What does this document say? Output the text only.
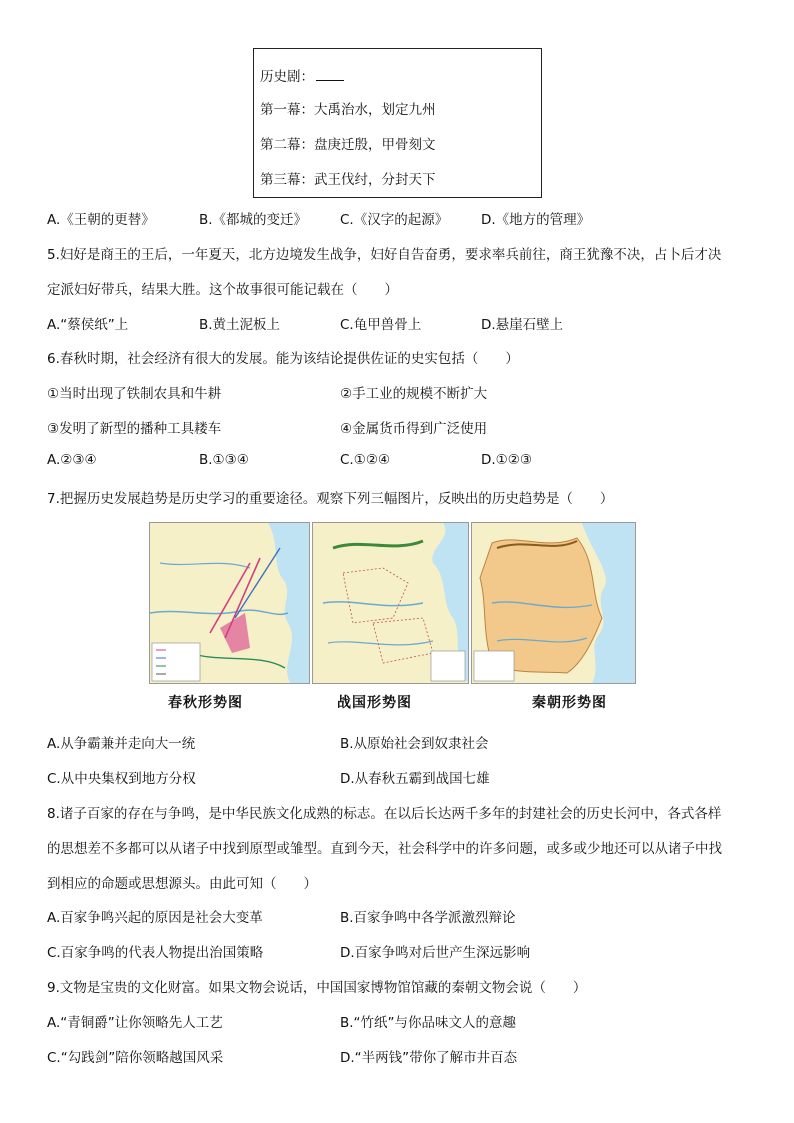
历史剧：
第一幕：大禹治水，划定九州
第二幕：盘庚迁殷，甲骨刻文
第三幕：武王伐纣，分封天下
A.《王朝的更替》	B.《都城的变迁》 C.《汉字的起源》 D.《地方的管理》
5.妇好是商王的王后，一年夏天，北方边境发生战争，妇好自告奋勇，要求率兵前往，商王犹豫不决，占卜后才决
定派妇好带兵，结果大胜。这个故事很可能记载在（　　）
A.“蔡侯纸”上	B.黄土泥板上	C.龟甲兽骨上	D.悬崖石壁上
6.春秋时期，社会经济有很大的发展。能为该结论提供佐证的史实包括（　　）
①当时出现了铁制农具和牛耕	②手工业的规模不断扩大
③发明了新型的播种工具耧车	④金属货币得到广泛使用
A.②③④	B.①③④	C.①②④	D.①②③
7.把握历史发展趋势是历史学习的重要途径。观察下列三幅图片，反映出的历史趋势是（　　）
春秋形势图	战国形势图	秦朝形势图
A.从争霸兼并走向大一统	B.从原始社会到奴隶社会
C.从中央集权到地方分权	D.从春秋五霸到战国七雄
8.诸子百家的存在与争鸣，是中华民族文化成熟的标志。在以后长达两千多年的封建社会的历史长河中，各式各样
的思想差不多都可以从诸子中找到原型或雏型。直到今天，社会科学中的许多问题，或多或少地还可以从诸子中找
到相应的命题或思想源头。由此可知（　　）
A.百家争鸣兴起的原因是社会大变革	B.百家争鸣中各学派激烈辩论
C.百家争鸣的代表人物提出治国策略	D.百家争鸣对后世产生深远影响
9.文物是宝贵的文化财富。如果文物会说话，中国国家博物馆馆藏的秦朝文物会说（　　）
A.“青铜爵”让你领略先人工艺	B.“竹纸”与你品味文人的意趣
C.“勾践剑”陪你领略越国风采	D.“半两钱”带你了解市井百态
